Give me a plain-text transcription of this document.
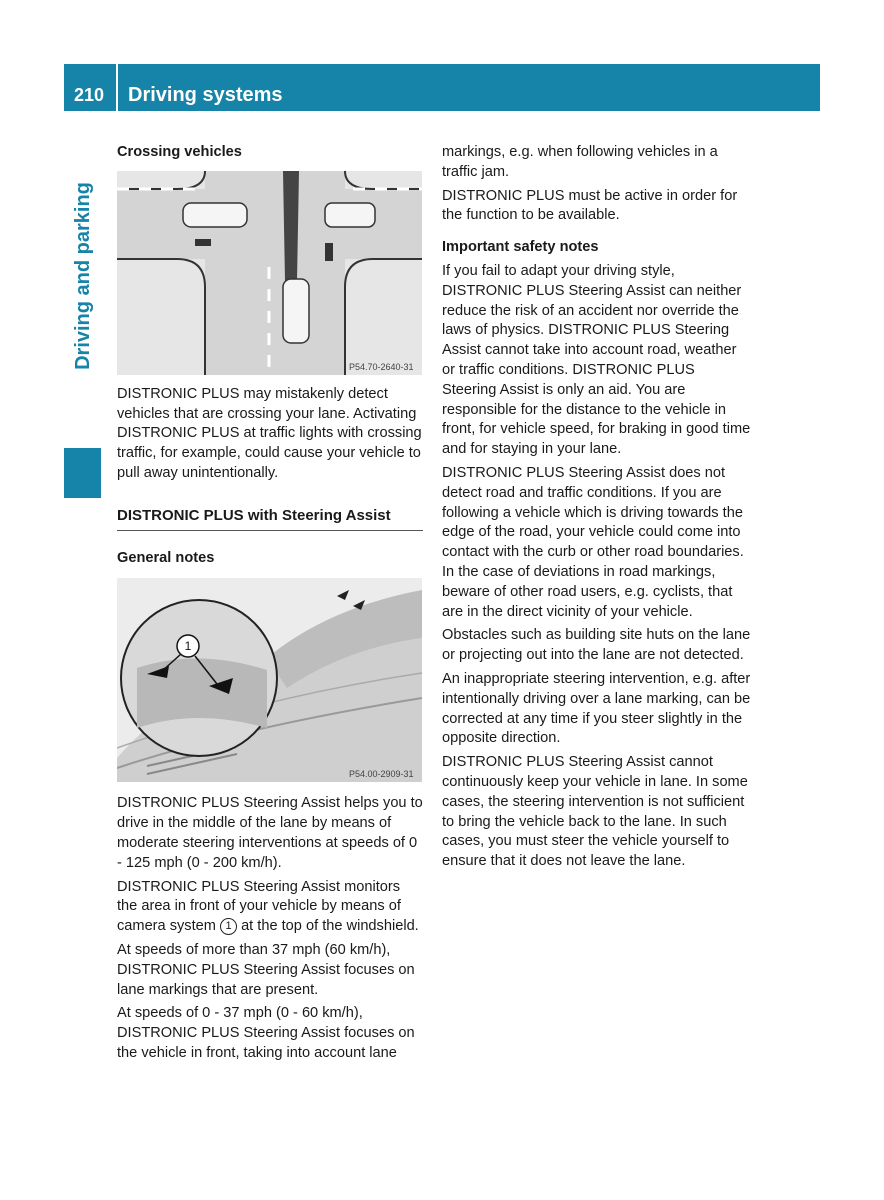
210	Driving systems
Driving and parking
Crossing vehicles
P54.70-2640-31

DISTRONIC PLUS may mistakenly detect vehicles that are crossing your lane. Activating DISTRONIC PLUS at traffic lights with crossing traffic, for example, could cause your vehicle to pull away unintentionally.

DISTRONIC PLUS with Steering Assist
General notes
1
P54.00-2909-31

DISTRONIC PLUS Steering Assist helps you to drive in the middle of the lane by means of moderate steering interventions at speeds of 0 - 125 mph (0 - 200 km/h).

DISTRONIC PLUS Steering Assist monitors the area in front of your vehicle by means of camera system 1 at the top of the windshield.

At speeds of more than 37 mph (60 km/h), DISTRONIC PLUS Steering Assist focuses on lane markings that are present.

At speeds of 0 - 37 mph (0 - 60 km/h), DISTRONIC PLUS Steering Assist focuses on the vehicle in front, taking into account lane

markings, e.g. when following vehicles in a traffic jam.

DISTRONIC PLUS must be active in order for the function to be available.

Important safety notes

If you fail to adapt your driving style, DISTRONIC PLUS Steering Assist can neither reduce the risk of an accident nor override the laws of physics. DISTRONIC PLUS Steering Assist cannot take into account road, weather or traffic conditions. DISTRONIC PLUS Steering Assist is only an aid. You are responsible for the distance to the vehicle in front, for vehicle speed, for braking in good time and for staying in your lane.

DISTRONIC PLUS Steering Assist does not detect road and traffic conditions. If you are following a vehicle which is driving towards the edge of the road, your vehicle could come into contact with the curb or other road boundaries. In the case of deviations in road markings, beware of other road users, e.g. cyclists, that are in the direct vicinity of your vehicle.

Obstacles such as building site huts on the lane or projecting out into the lane are not detected.

An inappropriate steering intervention, e.g. after intentionally driving over a lane marking, can be corrected at any time if you steer slightly in the opposite direction.

DISTRONIC PLUS Steering Assist cannot continuously keep your vehicle in lane. In some cases, the steering intervention is not sufficient to bring the vehicle back to the lane. In such cases, you must steer the vehicle yourself to ensure that it does not leave the lane.
